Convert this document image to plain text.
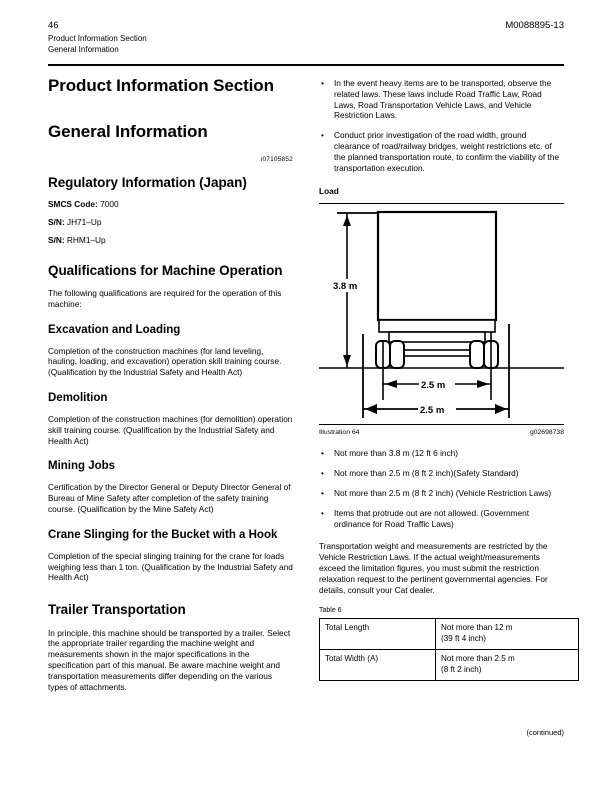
46	M0088895-13
Product Information Section
General Information
Product Information Section
General Information
i07105852
Regulatory Information (Japan)
SMCS Code: 7000
S/N: JH71–Up
S/N: RHM1–Up
Qualifications for Machine Operation

The following qualifications are required for the operation of this machine:

Excavation and Loading

Completion of the construction machines (for land leveling, hauling, loading, and excavation) operation skill training course. (Qualification by the Industrial Safety and Health Act)

Demolition

Completion of the construction machines (for demolition) operation skill training course. (Qualification by the Industrial Safety and Health Act)

Mining Jobs

Certification by the Director General or Deputy Director General of Bureau of Mine Safety after completion of the safety training course. (Qualification by the Mine Safety Act)

Crane Slinging for the Bucket with a Hook

Completion of the special slinging training for the crane for loads weighing less than 1 ton. (Qualification by the Industrial Safety and Health Act)

Trailer Transportation

In principle, this machine should be transported by a trailer. Select the appropriate trailer regarding the machine weight and measurements shown in the major specifications in the specification part of this manual. Be aware machine weight and transportation measurements differ depending on the various types of attachments.

• In the event heavy items are to be transported, observe the related laws. These laws include Road Traffic Law, Road Laws, Road Transportation Vehicle Laws, and Vehicle Restriction Laws.
• Conduct prior investigation of the road width, ground clearance of road/railway bridges, weight restrictions etc. of the planned transportation route, to confirm the viability of the transportation execution.
Load
3.8 m
2.5 m
2.5 m
Illustration 64	g02698738
• Not more than 3.8 m (12 ft 6 inch)
• Not more than 2.5 m (8 ft 2 inch)(Safety Standard)
• Not more than 2.5 m (8 ft 2 inch) (Vehicle Restriction Laws)
• Items that protrude out are not allowed. (Government ordinance for Road Traffic Laws)

Transportation weight and measurements are restricted by the Vehicle Restriction Laws. If the actual weight/measurements exceed the limitation figures, you must submit the restriction relaxation request to the pertinent governmental agencies. For details, consult your Cat dealer.

Table 6
Total Length	Not more than 12 m
(39 ft 4 inch)
Total Width (A)	Not more than 2.5 m
(8 ft 2 inch)
(continued)
